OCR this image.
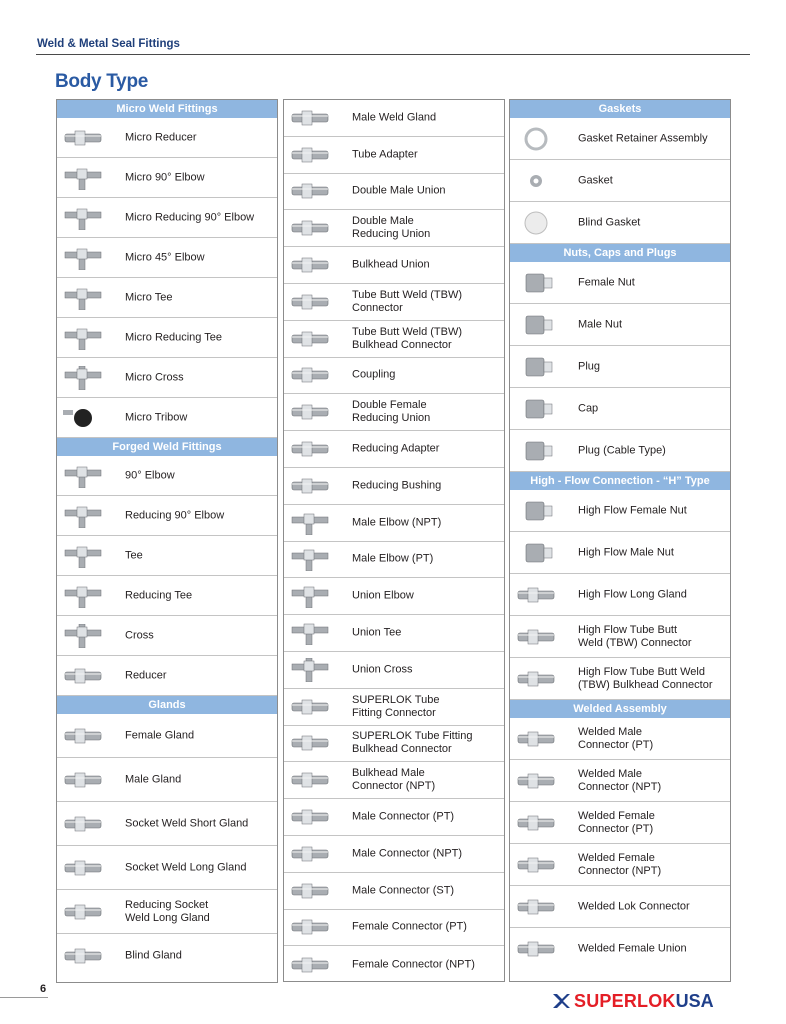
Weld & Metal Seal Fittings
Body Type
Micro Weld Fittings
Micro Reducer
Micro 90° Elbow
Micro Reducing 90° Elbow
Micro 45° Elbow
Micro Tee
Micro Reducing Tee
Micro Cross
Micro Tribow
Forged Weld Fittings
90° Elbow
Reducing 90° Elbow
Tee
Reducing Tee
Cross
Reducer
Glands
Female Gland
Male Gland
Socket Weld Short Gland
Socket Weld Long Gland
Reducing Socket
Weld Long Gland
Blind Gland
Male Weld Gland
Tube Adapter
Double Male Union
Double Male
Reducing Union
Bulkhead Union
Tube Butt Weld (TBW)
Connector
Tube Butt Weld (TBW)
Bulkhead Connector
Coupling
Double Female
Reducing Union
Reducing Adapter
Reducing Bushing
Male Elbow (NPT)
Male Elbow (PT)
Union Elbow
Union Tee
Union Cross
SUPERLOK Tube
Fitting Connector
SUPERLOK Tube Fitting
Bulkhead Connector
Bulkhead Male
Connector (NPT)
Male Connector (PT)
Male Connector (NPT)
Male Connector (ST)
Female Connector (PT)
Female Connector (NPT)
Gaskets
Gasket Retainer Assembly
Gasket
Blind Gasket
Nuts, Caps and Plugs
Female Nut
Male Nut
Plug
Cap
Plug (Cable Type)
High - Flow Connection - “H” Type
High Flow Female Nut
High Flow Male Nut
High Flow Long Gland
High Flow Tube Butt
Weld (TBW) Connector
High Flow Tube Butt Weld
(TBW) Bulkhead Connector
Welded Assembly
Welded Male
Connector (PT)
Welded Male
Connector (NPT)
Welded Female
Connector (PT)
Welded Female
Connector (NPT)
Welded Lok Connector
Welded Female Union
6
SUPERLOK USA
